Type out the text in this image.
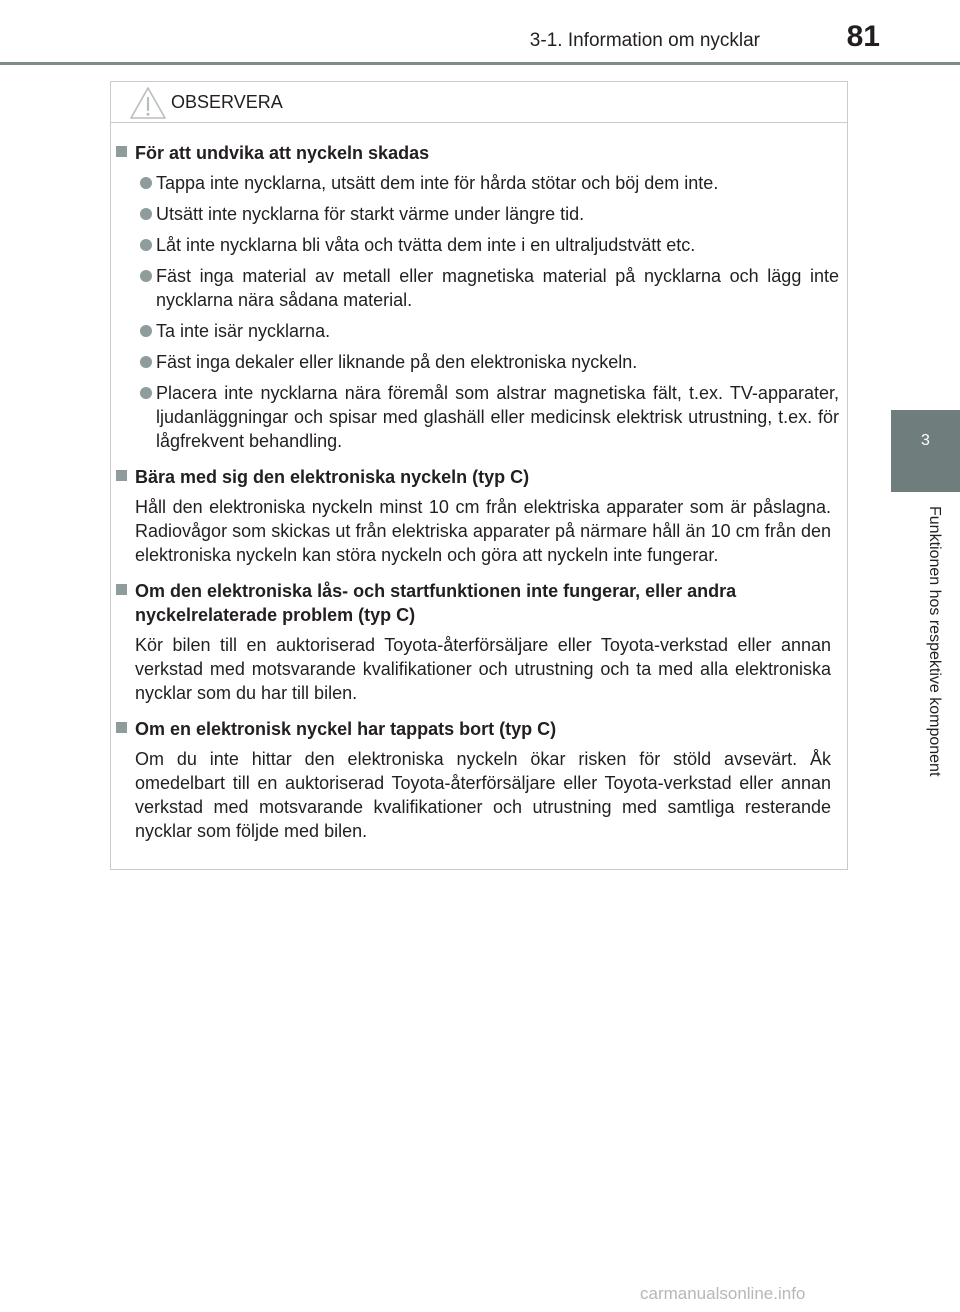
3-1. Information om nycklar	81
3
Funktionen hos respektive komponent
OBSERVERA
För att undvika att nyckeln skadas
Tappa inte nycklarna, utsätt dem inte för hårda stötar och böj dem inte.
Utsätt inte nycklarna för starkt värme under längre tid.
Låt inte nycklarna bli våta och tvätta dem inte i en ultraljudstvätt etc.
Fäst inga material av metall eller magnetiska material på nycklarna och lägg inte nycklarna nära sådana material.
Ta inte isär nycklarna.
Fäst inga dekaler eller liknande på den elektroniska nyckeln.
Placera inte nycklarna nära föremål som alstrar magnetiska fält, t.ex. TV-apparater, ljudanläggningar och spisar med glashäll eller medicinsk elektrisk utrustning, t.ex. för lågfrekvent behandling.
Bära med sig den elektroniska nyckeln (typ C)

Håll den elektroniska nyckeln minst 10 cm från elektriska apparater som är påslagna. Radiovågor som skickas ut från elektriska apparater på närmare håll än 10 cm från den elektroniska nyckeln kan störa nyckeln och göra att nyckeln inte fungerar.

Om den elektroniska lås- och startfunktionen inte fungerar, eller andra nyckelrelaterade problem (typ C)

Kör bilen till en auktoriserad Toyota-återförsäljare eller Toyota-verkstad eller annan verkstad med motsvarande kvalifikationer och utrustning och ta med alla elektroniska nycklar som du har till bilen.

Om en elektronisk nyckel har tappats bort (typ C)

Om du inte hittar den elektroniska nyckeln ökar risken för stöld avsevärt. Åk omedelbart till en auktoriserad Toyota-återförsäljare eller Toyota-verkstad eller annan verkstad med motsvarande kvalifikationer och utrustning med samtliga resterande nycklar som följde med bilen.

carmanualsonline.info
